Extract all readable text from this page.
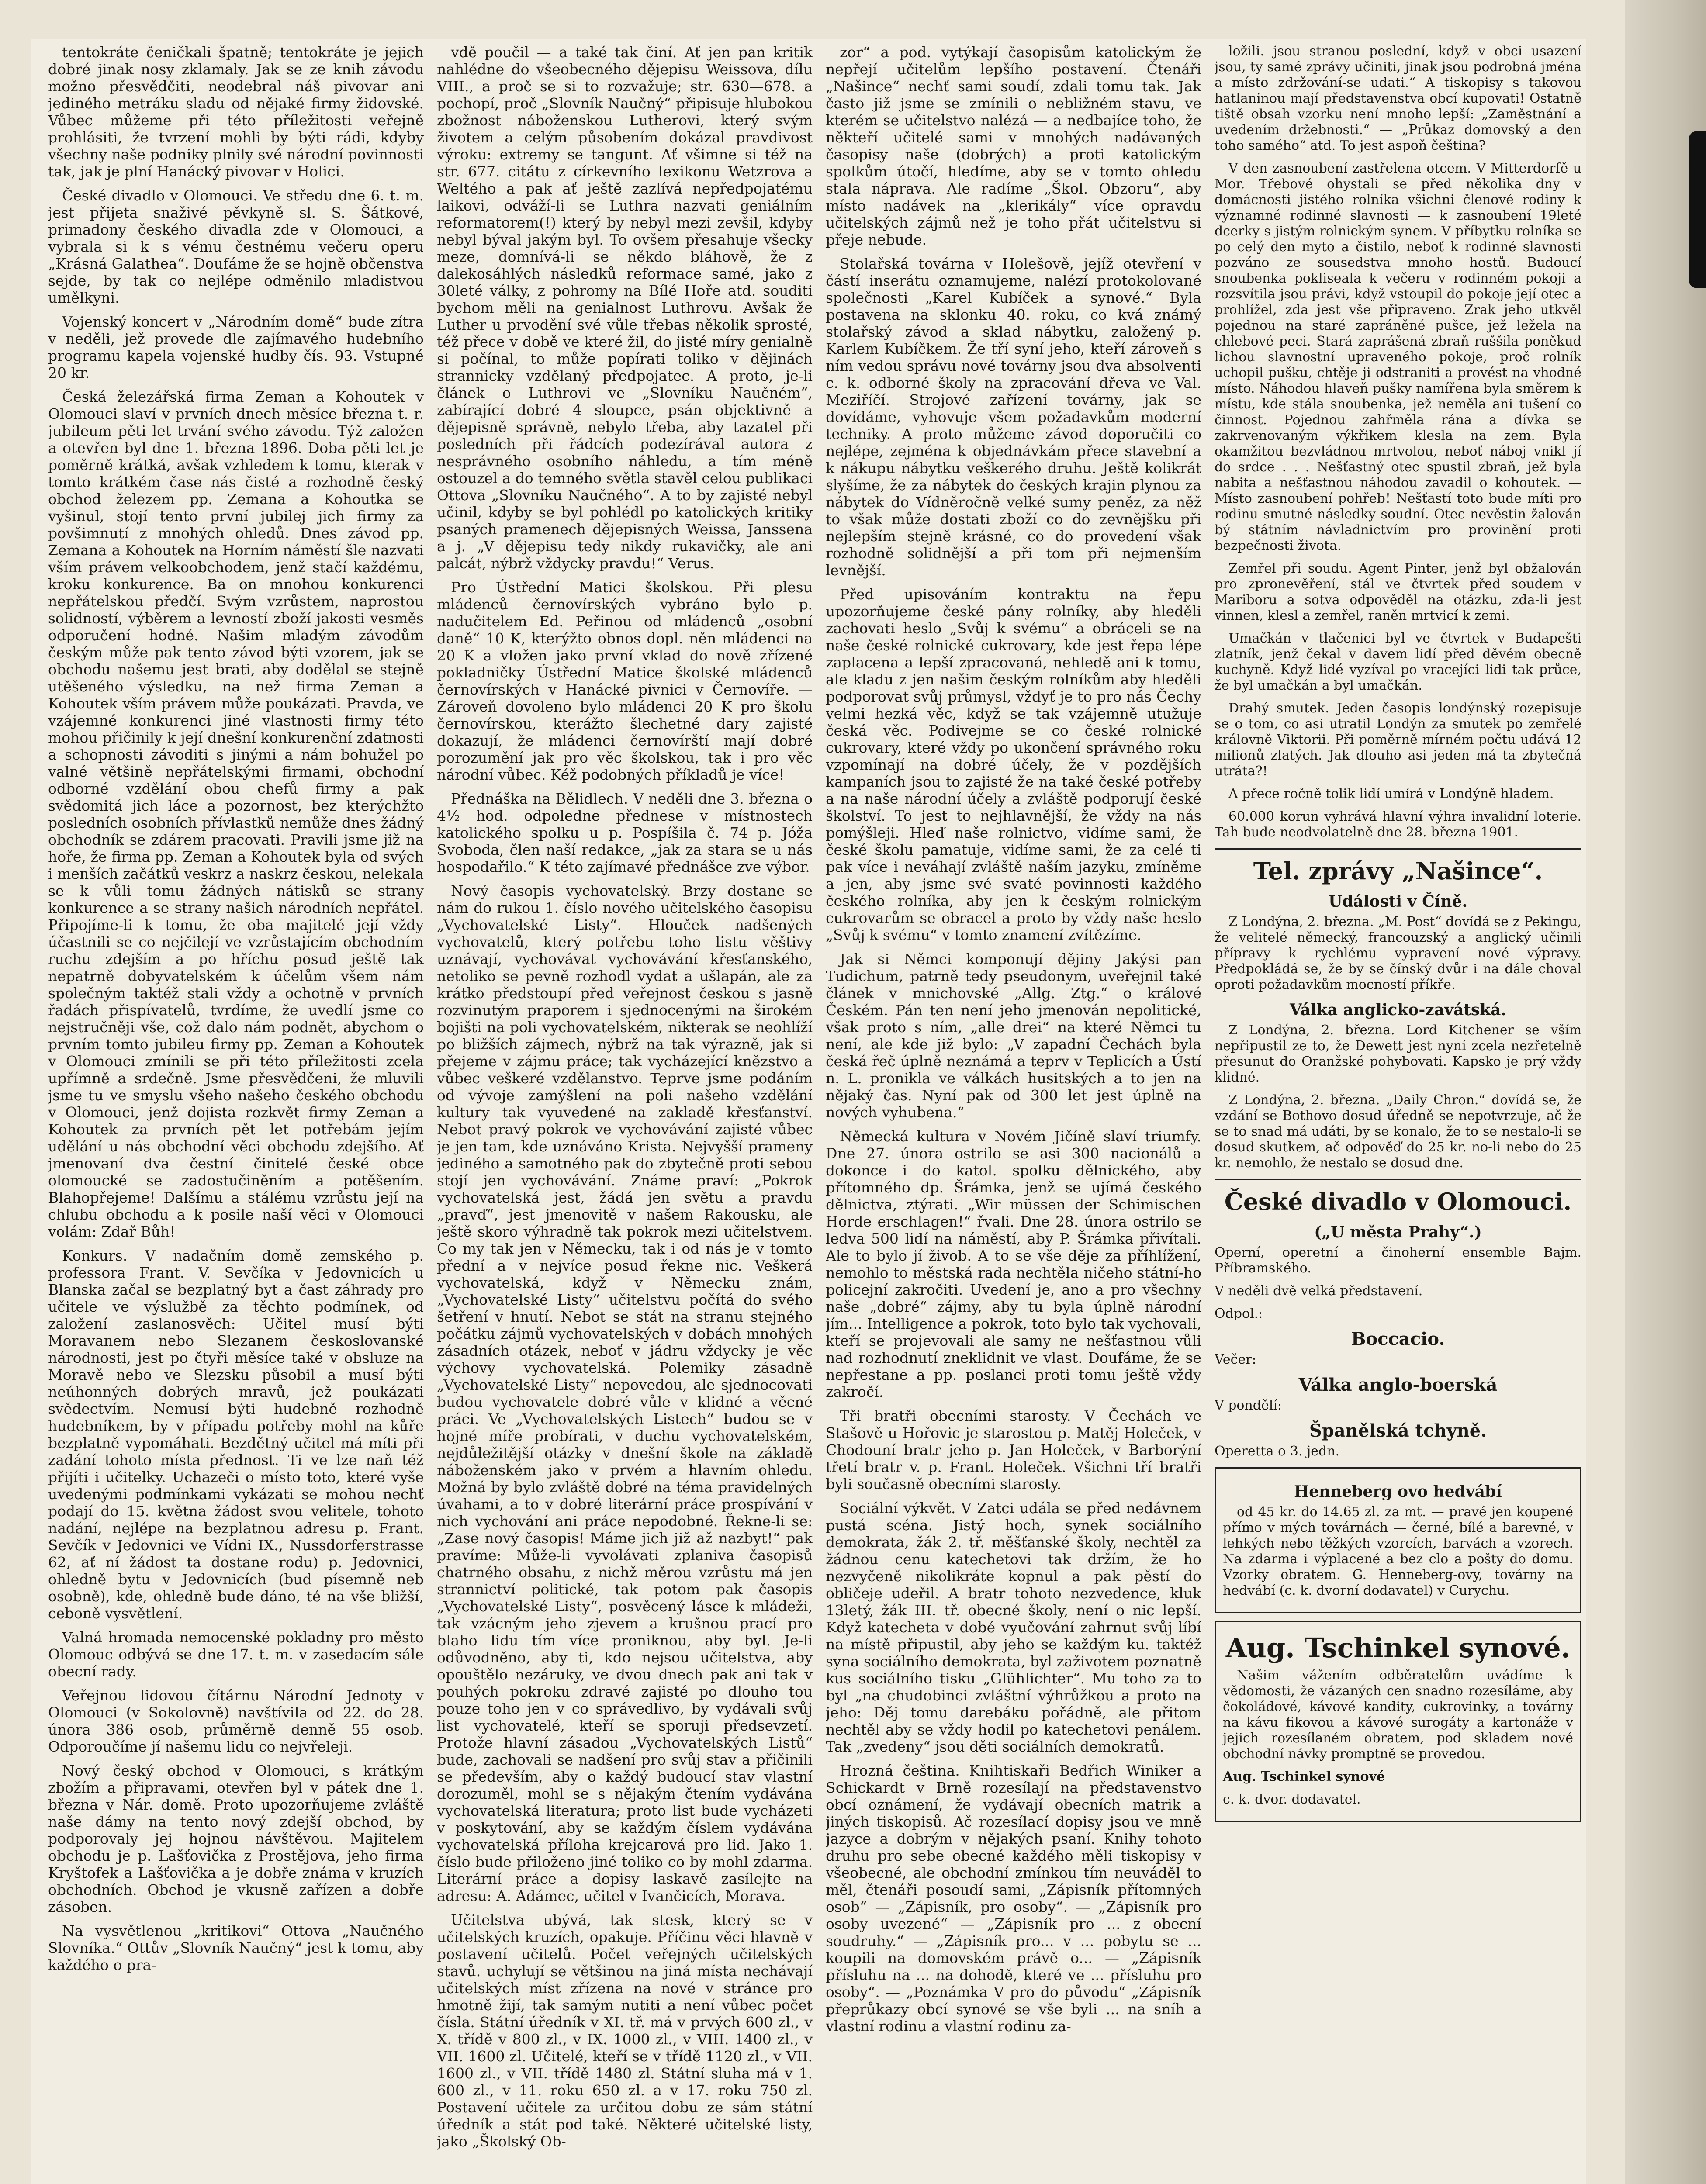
tentokráte čeničkali špatně; tentokráte je jejich dobré jinak nosy zklamaly. Jak se ze knih závodu možno přesvědčiti, neodebral náš pivovar ani jediného metráku sladu od nějaké firmy židovské. Vůbec můžeme při této příležitosti veřejně prohlásiti, že tvrzení mohli by býti rádi, kdyby všechny naše podniky plnily své národní povinnosti tak, jak je plní Hanácký pivovar v Holici.

České divadlo v Olomouci. Ve středu dne 6. t. m. jest přijeta snaživé pěvkyně sl. S. Šátkové, primadony českého divadla zde v Olomouci, a vybrala si k s vému čestnému večeru operu „Krásná Galathea“. Doufáme že se hojně občenstva sejde, by tak co nejlépe odměnilo mladistvou umělkyni.

Vojenský koncert v „Národním domě“ bude zítra v neděli, jež provede dle zajímavého hudebního programu kapela vojenské hudby čís. 93. Vstupné 20 kr.

Česká železářská firma Zeman a Kohoutek v Olomouci slaví v prvních dnech měsíce března t. r. jubileum pěti let trvání svého závodu. Týž založen a otevřen byl dne 1. března 1896. Doba pěti let je poměrně krátká, avšak vzhledem k tomu, kterak v tomto krátkém čase nás čisté a rozhodně český obchod železem pp. Zemana a Kohoutka se vyšinul, stojí tento první jubilej jich firmy za povšimnutí z mnohých ohledů. Dnes závod pp. Zemana a Kohoutek na Horním náměstí šle nazvati vším právem velkoobchodem, jenž stačí každému, kroku konkurence. Ba on mnohou konkurenci nepřátelskou předčí. Svým vzrůstem, naprostou solidností, výběrem a levností zboží jakosti vesměs odporučení hodné. Našim mladým závodům českým může pak tento závod býti vzorem, jak se obchodu našemu jest brati, aby dodělal se stejně utěšeného výsledku, na než firma Zeman a Kohoutek vším právem může poukázati. Pravda, ve vzájemné konkurenci jiné vlastnosti firmy této mohou přičinily k její dnešní konkurenční zdatnosti a schopnosti závoditi s jinými a nám bohužel po valné většině nepřátelskými firmami, obchodní odborné vzdělání obou chefů firmy a pak svědomitá jich láce a pozornost, bez kterýchžto posledních osobních přívlastků nemůže dnes žádný obchodník se zdárem pracovati. Pravili jsme již na hoře, že firma pp. Zeman a Kohoutek byla od svých i menších začátků veskrz a naskrz českou, nelekala se k vůli tomu žádných nátisků se strany konkurence a se strany našich národních nepřátel. Připojíme-li k tomu, že oba majitelé její vždy účastnili se co nejčilejí ve vzrůstajícím obchodním ruchu zdejším a po hříchu posud ještě tak nepatrně dobyvatelském k účelům všem nám společným taktéž stali vždy a ochotně v prvních řadách přispívatelů, tvrdíme, že uvedlí jsme co nejstručněji vše, což dalo nám podnět, abychom o prvním tomto jubileu firmy pp. Zeman a Kohoutek v Olomouci zmínili se při této příležitosti zcela upřímně a srdečně. Jsme přesvědčeni, že mluvili jsme tu ve smyslu všeho našeho českého obchodu v Olomouci, jenž dojista rozkvět firmy Zeman a Kohoutek za prvních pět let potřebám jejím udělání u nás obchodní věci obchodu zdejšího. Ať jmenovaní dva čestní činitelé české obce olomoucké se zadostučiněním a potěšením. Blahopřejeme! Dalšímu a stálému vzrůstu její na chlubu obchodu a k posile naší věci v Olomouci volám: Zdař Bůh!

Konkurs. V nadačním domě zemského p. professora Frant. V. Sevčíka v Jedovnicích u Blanska začal se bezplatný byt a čast záhrady pro učitele ve výslužbě za těchto podmínek, od založení zaslanosvěch: Učitel musí býti Moravanem nebo Slezanem českoslovanské národnosti, jest po čtyři měsíce také v obsluze na Moravě nebo ve Slezsku působil a musí býti neúhonných dobrých mravů, jež poukázati svědectvím. Nemusí býti hudebně rozhodně hudebníkem, by v případu potřeby mohl na kůře bezplatně vypomáhati. Bezdětný učitel má míti při zadání tohoto místa přednost. Ti ve lze naň též přijíti i učitelky. Uchazeči o místo toto, které vyše uvedenými podmínkami vykázati se mohou nechť podají do 15. května žádost svou velitele, tohoto nadání, nejlépe na bezplatnou adresu p. Frant. Sevčík v Jedovnici ve Vídni IX., Nussdorferstrasse 62, ať ní žádost ta dostane rodu) p. Jedovnici, ohledně bytu v Jedovnicích (bud písemně neb osobně), kde, ohledně bude dáno, té na vše bližší, ceboně vysvětlení.

Valná hromada nemocenské pokladny pro město Olomouc odbývá se dne 17. t. m. v zasedacím sále obecní rady.

Veřejnou lidovou čítárnu Národní Jednoty v Olomouci (v Sokolovně) navštívila od 22. do 28. února 386 osob, průměrně denně 55 osob. Odporoučíme jí našemu lidu co nejvřeleji.

Nový český obchod v Olomouci, s krátkým zbožím a připravami, otevřen byl v pátek dne 1. března v Nár. domě. Proto upozorňujeme zvláště naše dámy na tento nový zdejší obchod, by podporovaly jej hojnou návštěvou. Majitelem obchodu je p. Lašťovička z Prostějova, jeho firma Kryštofek a Lašťovička a je dobře známa v kruzích obchodních. Obchod je vkusně zařízen a dobře zásoben.

Na vysvětlenou „kritikovi“ Ottova „Naučného Slovníka.“ Ottův „Slovník Naučný“ jest k tomu, aby každého o pra-

vdě poučil — a také tak činí. Ať jen pan kritik nahlédne do všeobecného dějepisu Weissova, dílu VIII., a proč se si to rozvažuje; str. 630—678. a pochopí, proč „Slovník Naučný“ připisuje hlubokou zbožnost náboženskou Lutherovi, který svým životem a celým působením dokázal pravdivost výroku: extremy se tangunt. Ať všimne si též na str. 677. citátu z církevního lexikonu Wetzrova a Weltého a pak ať ještě zazlívá nepředpojatému laikovi, odváží-li se Luthra nazvati geniálním reformatorem(!) který by nebyl mezi zevšil, kdyby nebyl býval jakým byl. To ovšem přesahuje všecky meze, domnívá-li se někdo bláhově, že z dalekosáhlých následků reformace samé, jako z 30leté války, z pohromy na Bílé Hoře atd. souditi bychom měli na genialnost Luthrovu. Avšak že Luther u prvodění své vůle třebas několik sprosté, též přece v době ve které žil, do jisté míry genialně si počínal, to může popírati toliko v dějinách strannicky vzdělaný předpojatec. A proto, je-li článek o Luthrovi ve „Slovníku Naučném“, zabírající dobré 4 sloupce, psán objektivně a dějepisně správně, nebylo třeba, aby tazatel při posledních při řádcích podezírával autora z nesprávného osobního náhledu, a tím méně ostouzel a do temného světla stavěl celou publikaci Ottova „Slovníku Naučného“. A to by zajisté nebyl učinil, kdyby se byl pohlédl po katolických kritiky psaných pramenech dějepisných Weissa, Janssena a j. „V dějepisu tedy nikdy rukavičky, ale ani palcát, nýbrž vždycky pravdu!“ Verus.

Pro Ústřední Matici školskou. Při plesu mládenců černovírských vybráno bylo p. nadučitelem Ed. Peřinou od mládenců „osobní daně“ 10 K, kterýžto obnos dopl. něn mládenci na 20 K a vložen jako první vklad do nově zřízené pokladničky Ústřední Matice školské mládenců černovírských v Hanácké pivnici v Černovíře. — Zároveň dovoleno bylo mládenci 20 K pro školu černovírskou, kterážto šlechetné dary zajisté dokazují, že mládenci černovírští mají dobré porozumění jak pro věc školskou, tak i pro věc národní vůbec. Kéž podobných příkladů je více!

Přednáška na Bělidlech. V neděli dne 3. března o 4½ hod. odpoledne přednese v místnostech katolického spolku u p. Pospíšila č. 74 p. Jóža Svoboda, člen naší redakce, „jak za stara se u nás hospodařilo.“ K této zajímavé přednášce zve výbor.

Nový časopis vychovatelský. Brzy dostane se nám do rukou 1. číslo nového učitelského časopisu „Vychovatelské Listy“. Hlouček nadšených vychovatelů, který potřebu toho listu věštivy uznávají, vychovávat vychovávání křesťanského, netoliko se pevně rozhodl vydat a ušlapán, ale za krátko předstoupí před veřejnost českou s jasně rozvinutým praporem i sjednocenými na širokém bojišti na poli vychovatelském, nikterak se neohlíží po bližších zájmech, nýbrž na tak výrazně, jak si přejeme v zájmu práce; tak vycházející knězstvo a vůbec veškeré vzdělanstvo. Teprve jsme podáním od vývoje zamýšlení na poli našeho vzdělání kultury tak vyuvedené na zakladě křesťanství. Nebot pravý pokrok ve vychovávání zajisté vůbec je jen tam, kde uznáváno Krista. Nejvyšší prameny jediného a samotného pak do zbytečně proti sebou stojí jen vychovávání. Známe praví: „Pokrok vychovatelská jest, žádá jen světu a pravdu „pravď“, jest jmenovitě v našem Rakousku, ale ještě skoro výhradně tak pokrok mezi učitelstvem. Co my tak jen v Německu, tak i od nás je v tomto přední a v nejvíce posud řekne nic. Veškerá vychovatelská, když v Německu znám, „Vychovatelské Listy“ učitelstvu počítá do svého šetření v hnutí. Nebot se stát na stranu stejného počátku zájmů vychovatelských v dobách mnohých zásadních otázek, neboť v jádru vždycky je věc výchovy vychovatelská. Polemiky zásadně „Vychovatelské Listy“ nepovedou, ale sjednocovati budou vychovatele dobré vůle v klidné a věcné práci. Ve „Vychovatelských Listech“ budou se v hojné míře probírati, v duchu vychovatelském, nejdůležitější otázky v dnešní škole na základě náboženském jako v prvém a hlavním ohledu. Možná by bylo zvláště dobré na téma pravidelných úvahami, a to v dobré literární práce prospívání v nich vychování ani práce nepodobné. Řekne-li se: „Zase nový časopis! Máme jich již až nazbyt!“ pak pravíme: Může-li vyvolávati zplaniva časopisů chatrného obsahu, z nichž měrou vzrůstu má jen strannictví politické, tak potom pak časopis „Vychovatelské Listy“, posvěcený lásce k mládeži, tak vzácným jeho zjevem a krušnou prací pro blaho lidu tím více proniknou, aby byl. Je-li odůvodněno, aby ti, kdo nejsou učitelstva, aby opouštělo nezáruky, ve dvou dnech pak ani tak v pouhých pokroku zdravé zajisté po dlouho tou pouze toho jen v co správedlivo, by vydávali svůj list vychovatelé, kteří se sporuji předsevzetí. Protože hlavní zásadou „Vychovatelských Listů“ bude, zachovali se nadšení pro svůj stav a přičinili se především, aby o každý budoucí stav vlastní dorozuměl, mohl se s nějakým čtením vydávána vychovatelská literatura; proto list bude vycházeti v poskytování, aby se každým číslem vydávána vychovatelská příloha krejcarová pro lid. Jako 1. číslo bude přiloženo jiné toliko co by mohl zdarma. Literární práce a dopisy laskavě zasílejte na adresu: A. Adámec, učitel v Ivančicích, Morava.

Učitelstva ubývá, tak stesk, který se v učitelských kruzích, opakuje. Příčinu věci hlavně v postavení učitelů. Počet veřejných učitelských stavů. uchylují se většinou na jiná místa nechávají učitelských míst zřízena na nové v stránce pro hmotně žijí, tak samým nutiti a není vůbec počet čísla. Státní úředník v XI. tř. má v prvých 600 zl., v X. třídě v 800 zl., v IX. 1000 zl., v VIII. 1400 zl., v VII. 1600 zl. Učitelé, kteří se v třídě 1120 zl., v VII. 1600 zl., v VII. třídě 1480 zl. Státní sluha má v 1. 600 zl., v 11. roku 650 zl. a v 17. roku 750 zl. Postavení učitele za určitou dobu ze sám státní úředník a stát pod také. Některé učitelské listy, jako „Školský Ob-

zor“ a pod. vytýkají časopisům katolickým že nepřejí učitelům lepšího postavení. Čtenáři „Našince“ nechť sami soudí, zdali tomu tak. Jak často již jsme se zmínili o nebližném stavu, ve kterém se učitelstvo nalézá — a nedbajíce toho, že někteří učitelé sami v mnohých nadávaných časopisy naše (dobrých) a proti katolickým spolkům útočí, hledíme, aby se v tomto ohledu stala náprava. Ale radíme „Škol. Obzoru“, aby místo nadávek na „klerikály“ více opravdu učitelských zájmů než je toho přát učitelstvu si přeje nebude.

Stolařská továrna v Holešově, jejíž otevření v částí inserátu oznamujeme, nalézí protokolované společnosti „Karel Kubíček a synové.“ Byla postavena na sklonku 40. roku, co kvá známý stolařský závod a sklad nábytku, založený p. Karlem Kubíčkem. Že tří syní jeho, kteří zároveň s ním vedou správu nové továrny jsou dva absolventi c. k. odborné školy na zpracování dřeva ve Val. Meziříčí. Strojové zařízení továrny, jak se dovídáme, vyhovuje všem požadavkům moderní techniky. A proto můžeme závod doporučiti co nejlépe, zejména k objednávkám přece stavební a k nákupu nábytku veškerého druhu. Ještě kolikrát slyšíme, že za nábytek do českých krajin plynou za nábytek do Vídněročně velké sumy peněz, za něž to však může dostati zboží co do zevnějšku při nejlepším stejně krásné, co do provedení však rozhodně solidnější a při tom při nejmenším levnější.

Před upisováním kontraktu na řepu upozorňujeme české pány rolníky, aby hleděli zachovati heslo „Svůj k svému“ a obráceli se na naše české rolnické cukrovary, kde jest řepa lépe zaplacena a lepší zpracovaná, nehledě ani k tomu, ale kladu z jen našim českým rolníkům aby hleděli podporovat svůj průmysl, vždyť je to pro nás Čechy velmi hezká věc, když se tak vzájemně utužuje česká věc. Podivejme se co české rolnické cukrovary, které vždy po ukončení správného roku vzpomínají na dobré účely, že v pozdějších kampaních jsou to zajisté že na také české potřeby a na naše národní účely a zvláště podporují české školství. To jest to nejhlavnější, že vždy na nás pomýšleji. Hleď naše rolnictvo, vidíme sami, že české školu pamatuje, vidíme sami, že za celé ti pak více i neváhají zvláště naším jazyku, zmíněme a jen, aby jsme své svaté povinnosti každého českého rolníka, aby jen k českým rolnickým cukrovarům se obracel a proto by vždy naše heslo „Svůj k svému“ v tomto znamení zvítězíme.

Jak si Němci komponují dějiny Jakýsi pan Tudichum, patrně tedy pseudonym, uveřejnil také článek v mnichovské „Allg. Ztg.“ o králové Českém. Pán ten není jeho jmenován nepolitické, však proto s ním, „alle drei“ na které Němci tu není, ale kde již bylo: „V zapadní Čechách byla česká řeč úplně neznámá a teprv v Teplicích a Ústí n. L. pronikla ve válkách husitských a to jen na nějaký čas. Nyní pak od 300 let jest úplně na nových vyhubena.“

Německá kultura v Novém Jičíně slaví triumfy. Dne 27. února ostrilo se asi 300 nacionálů a dokonce i do katol. spolku dělnického, aby přítomného dp. Šrámka, jenž se ujímá českého dělnictva, ztýrati. „Wir müssen der Schimischen Horde erschlagen!“ řvali. Dne 28. února ostrilo se ledva 500 lidí na náměstí, aby P. Šrámka přivítali. Ale to bylo jí živob. A to se vše děje za příhlížení, nemohlo to městská rada nechtěla ničeho státní-ho policejní zakročiti. Uvedení je, ano a pro všechny naše „dobré“ zájmy, aby tu byla úplně národní jím... Intelligence a pokrok, toto bylo tak vychovali, kteří se projevovali ale samy ne nešťastnou vůli nad rozhodnutí zneklidnit ve vlast. Doufáme, že se nepřestane a pp. poslanci proti tomu ještě vždy zakročí.

Tři bratři obecními starosty. V Čechách ve Stašově u Hořovic je starostou p. Matěj Holeček, v Chodouní bratr jeho p. Jan Holeček, v Barborýní třetí bratr v. p. Frant. Holeček. Všichni tří bratři byli současně obecními starosty.

Sociální výkvět. V Zatci udála se před nedávnem pustá scéna. Jistý hoch, synek sociálního demokrata, žák 2. tř. měšťanské školy, nechtěl za žádnou cenu katechetovi tak držím, že ho nezvyčeně nikolikráte kopnul a pak pěstí do obličeje udeřil. A bratr tohoto nezvedence, kluk 13letý, žák III. tř. obecné školy, není o nic lepší. Když katecheta v dobé vyučování zahrnut svůj líbí na místě připustil, aby jeho se každým ku. taktéž syna sociálního demokrata, byl zaživotem poznatně kus sociálního tisku „Glühlichter“. Mu toho za to byl „na chudobinci zvláštní výhrůžkou a proto na jeho: Děj tomu darebáku pořádně, ale přitom nechtěl aby se vždy hodil po katechetovi penálem. Tak „zvedeny“ jsou děti sociálních demokratů.

Hrozná čeština. Knihtiskaři Bedřich Winiker a Schickardt v Brně rozesílají na představenstvo obcí oznámení, že vydávají obecních matrik a jiných tiskopisů. Ač rozesílací dopisy jsou ve mně jazyce a dobrým v nějakých psaní. Knihy tohoto druhu pro sebe obecné každého měli tiskopisy v všeobecné, ale obchodní zmínkou tím neuváděl to měl, čtenáři posoudí sami, „Zápisník přítomných osob“ — „Zápisník, pro osoby“. — „Zápisník pro osoby uvezené“ — „Zápisník pro ... z obecní soudruhy.“ — „Zápisník pro... v ... pobytu se ... koupili na domovském právě o... — „Zápisník přísluhu na ... na dohodě, které ve ... přísluhu pro osoby“. — „Poznámka V pro do původu“ „Zápisník přeprůkazy obcí synové se vše byli ... na sníh a vlastní rodinu a vlastní rodinu za-

ložili. jsou stranou poslední, když v obci usazení jsou, ty samé zprávy učiniti, jinak jsou podrobná jména a místo zdržování-se udati.“ A tiskopisy s takovou hatlaninou mají představenstva obcí kupovati! Ostatně tiště obsah vzorku není mnoho lepší: „Zaměstnání a uvedením držebnosti.“ — „Průkaz domovský a den toho samého“ atd. To jest aspoň čeština?

V den zasnoubení zastřelena otcem. V Mitterdorfě u Mor. Třebové ohystali se před několika dny v domácnosti jistého rolníka všichni členové rodiny k významné rodinné slavnosti — k zasnoubení 19leté dcerky s jistým rolnickým synem. V příbytku rolníka se po celý den myto a čistilo, neboť k rodinné slavnosti pozváno ze sousedstva mnoho hostů. Budoucí snoubenka pokliseala k večeru v rodinném pokoji a rozsvítila jsou právi, když vstoupil do pokoje její otec a prohlížel, zda jest vše připraveno. Zrak jeho utkvěl pojednou na staré zapráněné pušce, jež ležela na chlebové peci. Stará zaprášená zbraň ruššila poněkud lichou slavnostní upraveného pokoje, proč rolník uchopil pušku, chtěje ji odstraniti a provést na vhodné místo. Náhodou hlaveň pušky namířena byla směrem k místu, kde stála snoubenka, jež neměla ani tušení co činnost. Pojednou zahřměla rána a dívka se zakrvenovaným výkřikem klesla na zem. Byla okamžitou bezvládnou mrtvolou, neboť náboj vnikl jí do srdce . . . Nešťastný otec spustil zbraň, jež byla nabita a nešťastnou náhodou zavadil o kohoutek. — Místo zasnoubení pohřeb! Nešťastí toto bude míti pro rodinu smutné následky soudní. Otec nevěstin žalován bý státním návladnictvím pro provinění proti bezpečnosti života.

Zemřel při soudu. Agent Pinter, jenž byl obžalován pro zpronevěření, stál ve čtvrtek před soudem v Mariboru a sotva odpověděl na otázku, zda-li jest vinnen, klesl a zemřel, raněn mrtvicí k zemi.

Umačkán v tlačenici byl ve čtvrtek v Budapešti zlatník, jenž čekal v davem lidí před děvém obecně kuchyně. Když lidé vyzíval po vracejíci lidi tak průce, že byl umačkán a byl umačkán.

Drahý smutek. Jeden časopis londýnský rozepisuje se o tom, co asi utratil Londýn za smutek po zemřelé královně Viktorii. Při poměrně mírném počtu udává 12 milionů zlatých. Jak dlouho asi jeden má ta zbytečná utráta?!

A přece ročně tolik lidí umírá v Londýně hladem.

60.000 korun vyhrává hlavní výhra invalidní loterie. Tah bude neodvolatelně dne 28. března 1901.

Tel. zprávy „Našince“.
Události v Číně.

Z Londýna, 2. března. „M. Post“ dovídá se z Pekingu, že velitelé německý, francouzský a anglický učinili přípravy k rychlému vypravení nové výpravy. Předpokládá se, že by se čínský dvůr i na dále choval oproti požadavkům mocností příkře.

Válka anglicko-zavátská.

Z Londýna, 2. března. Lord Kitchener se vším nepřipustil ze to, že Dewett jest nyní zcela nezřetelně přesunut do Oranžské pohybovati. Kapsko je prý vždy klidné.

Z Londýna, 2. března. „Daily Chron.“ dovídá se, že vzdání se Bothovo dosud úředně se nepotvrzuje, ač že se to snad má udáti, by se konalo, že to se nestalo-li se dosud skutkem, ač odpověď do 25 kr. no-li nebo do 25 kr. nemohlo, že nestalo se dosud dne.

České divadlo v Olomouci.
(„U města Prahy“.)

Operní, operetní a činoherní ensemble Bajm. Příbramského.

V neděli dvě velká představení.

Odpol.:

Boccacio.

Večer:

Válka anglo-boerská

V pondělí:

Španělská tchyně.

Operetta o 3. jedn.

Henneberg ovo hedvábí

od 45 kr. do 14.65 zl. za mt. — pravé jen koupené přímo v mých továrnách — černé, bílé a barevné, v lehkých nebo těžkých vzorcích, barvách a vzorech. Na zdarma i výplacené a bez clo a pošty do domu. Vzorky obratem. G. Henneberg-ovy, továrny na hedvábí (c. k. dvorní dodavatel) v Curychu.

Aug. Tschinkel synové.

Našim vážením odběratelům uvádíme k vědomosti, že vázaných cen snadno rozesíláme, aby čokoládové, kávové kandity, cukrovinky, a továrny na kávu fikovou a kávové surogáty a kartonáže v jejich rozesílaném obratem, pod skladem nové obchodní návky promptně se provedou.

Aug. Tschinkel synové

c. k. dvor. dodavatel.
